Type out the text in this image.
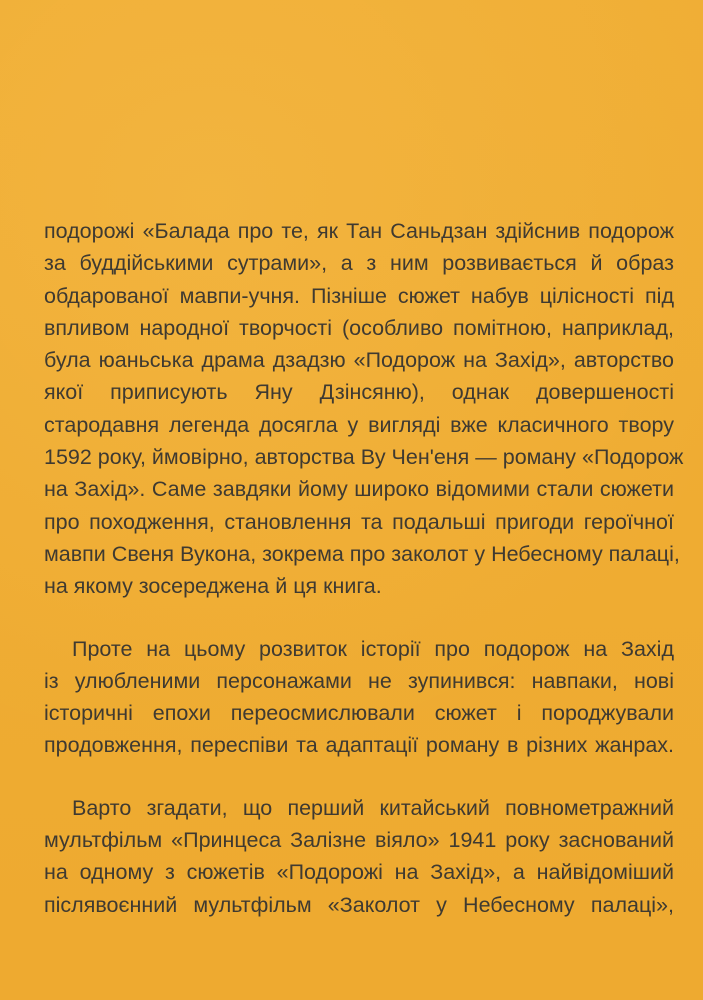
подорожі «Балада про те, як Тан Саньдзан здійснив подорож
за буддійськими сутрами», а з ним розвивається й образ
обдарованої мавпи-учня. Пізніше сюжет набув цілісності під
впливом народної творчості (особливо помітною, наприклад,
була юаньська драма дзадзю «Подорож на Захід», авторство
якої приписують Яну Дзінсяню), однак довершеності
стародавня легенда досягла у вигляді вже класичного твору
1592 року, ймовірно, авторства Ву Чен'еня — роману «Подорож
на Захід». Саме завдяки йому широко відомими стали сюжети
про походження, становлення та подальші пригоди героїчної
мавпи Свеня Вукона, зокрема про заколот у Небесному палаці,
на якому зосереджена й ця книга.
Проте на цьому розвиток історії про подорож на Захід
із улюбленими персонажами не зупинився: навпаки, нові
історичні епохи переосмислювали сюжет і породжували
продовження, переспіви та адаптації роману в різних жанрах.
Варто згадати, що перший китайський повнометражний
мультфільм «Принцеса Залізне віяло» 1941 року заснований
на одному з сюжетів «Подорожі на Захід», а найвідоміший
післявоєнний мультфільм «Заколот у Небесному палаці»,
